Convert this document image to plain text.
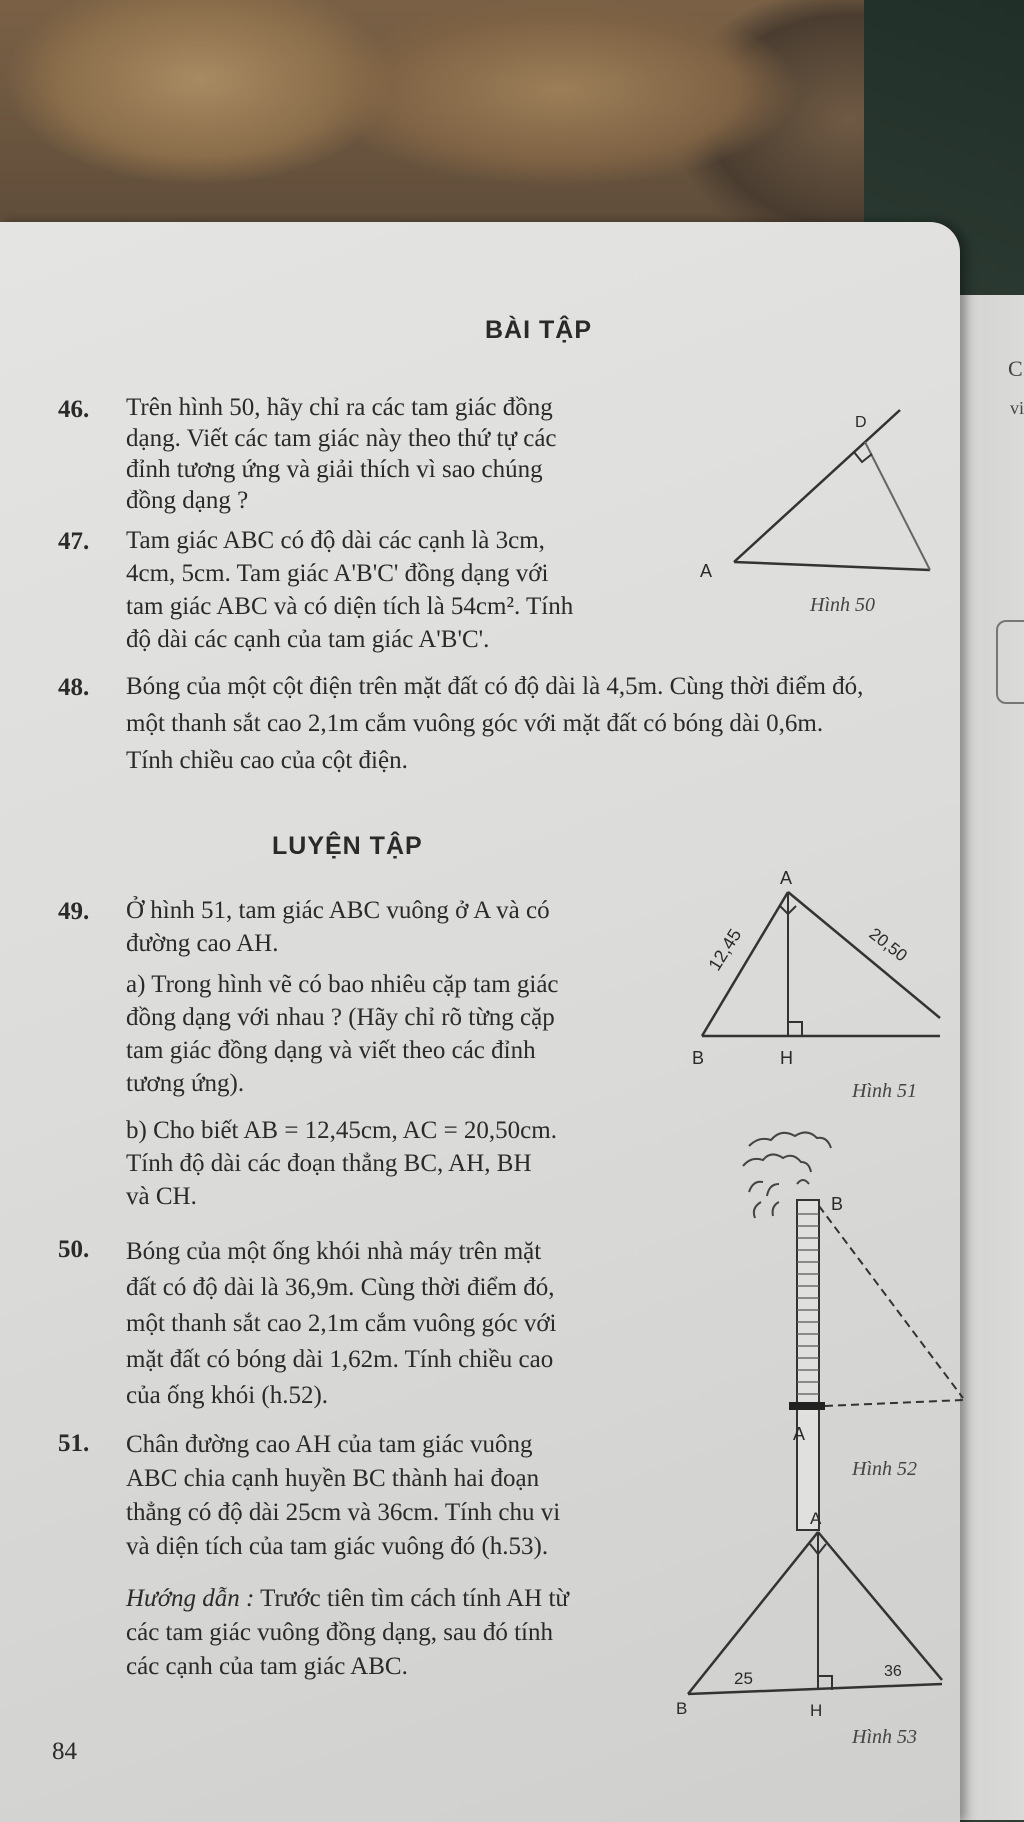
C
vi
BÀI TẬP
46. Trên hình 50, hãy chỉ ra các tam giác đồng
dạng. Viết các tam giác này theo thứ tự các
đỉnh tương ứng và giải thích vì sao chúng
đồng dạng ?
47. Tam giác ABC có độ dài các cạnh là 3cm,
4cm, 5cm. Tam giác A'B'C' đồng dạng với
tam giác ABC và có diện tích là 54cm². Tính
độ dài các cạnh của tam giác A'B'C'.
A
D
Hình 50
48. Bóng của một cột điện trên mặt đất có độ dài là 4,5m. Cùng thời điểm đó,
một thanh sắt cao 2,1m cắm vuông góc với mặt đất có bóng dài 0,6m.
Tính chiều cao của cột điện.
LUYỆN TẬP
49. Ở hình 51, tam giác ABC vuông ở A và có
đường cao AH.
a) Trong hình vẽ có bao nhiêu cặp tam giác
đồng dạng với nhau ? (Hãy chỉ rõ từng cặp
tam giác đồng dạng và viết theo các đỉnh
tương ứng).
b) Cho biết AB = 12,45cm, AC = 20,50cm.
Tính độ dài các đoạn thẳng BC, AH, BH
và CH.
A
B	H
12,45	20,50
Hình 51
B
A
Hình 52
50. Bóng của một ống khói nhà máy trên mặt
đất có độ dài là 36,9m. Cùng thời điểm đó,
một thanh sắt cao 2,1m cắm vuông góc với
mặt đất có bóng dài 1,62m. Tính chiều cao
của ống khói (h.52).
51. Chân đường cao AH của tam giác vuông
ABC chia cạnh huyền BC thành hai đoạn
thẳng có độ dài 25cm và 36cm. Tính chu vi
và diện tích của tam giác vuông đó (h.53).
Hướng dẫn : Trước tiên tìm cách tính AH từ
các tam giác vuông đồng dạng, sau đó tính
các cạnh của tam giác ABC.
A
B	H
25	36
Hình 53
84
